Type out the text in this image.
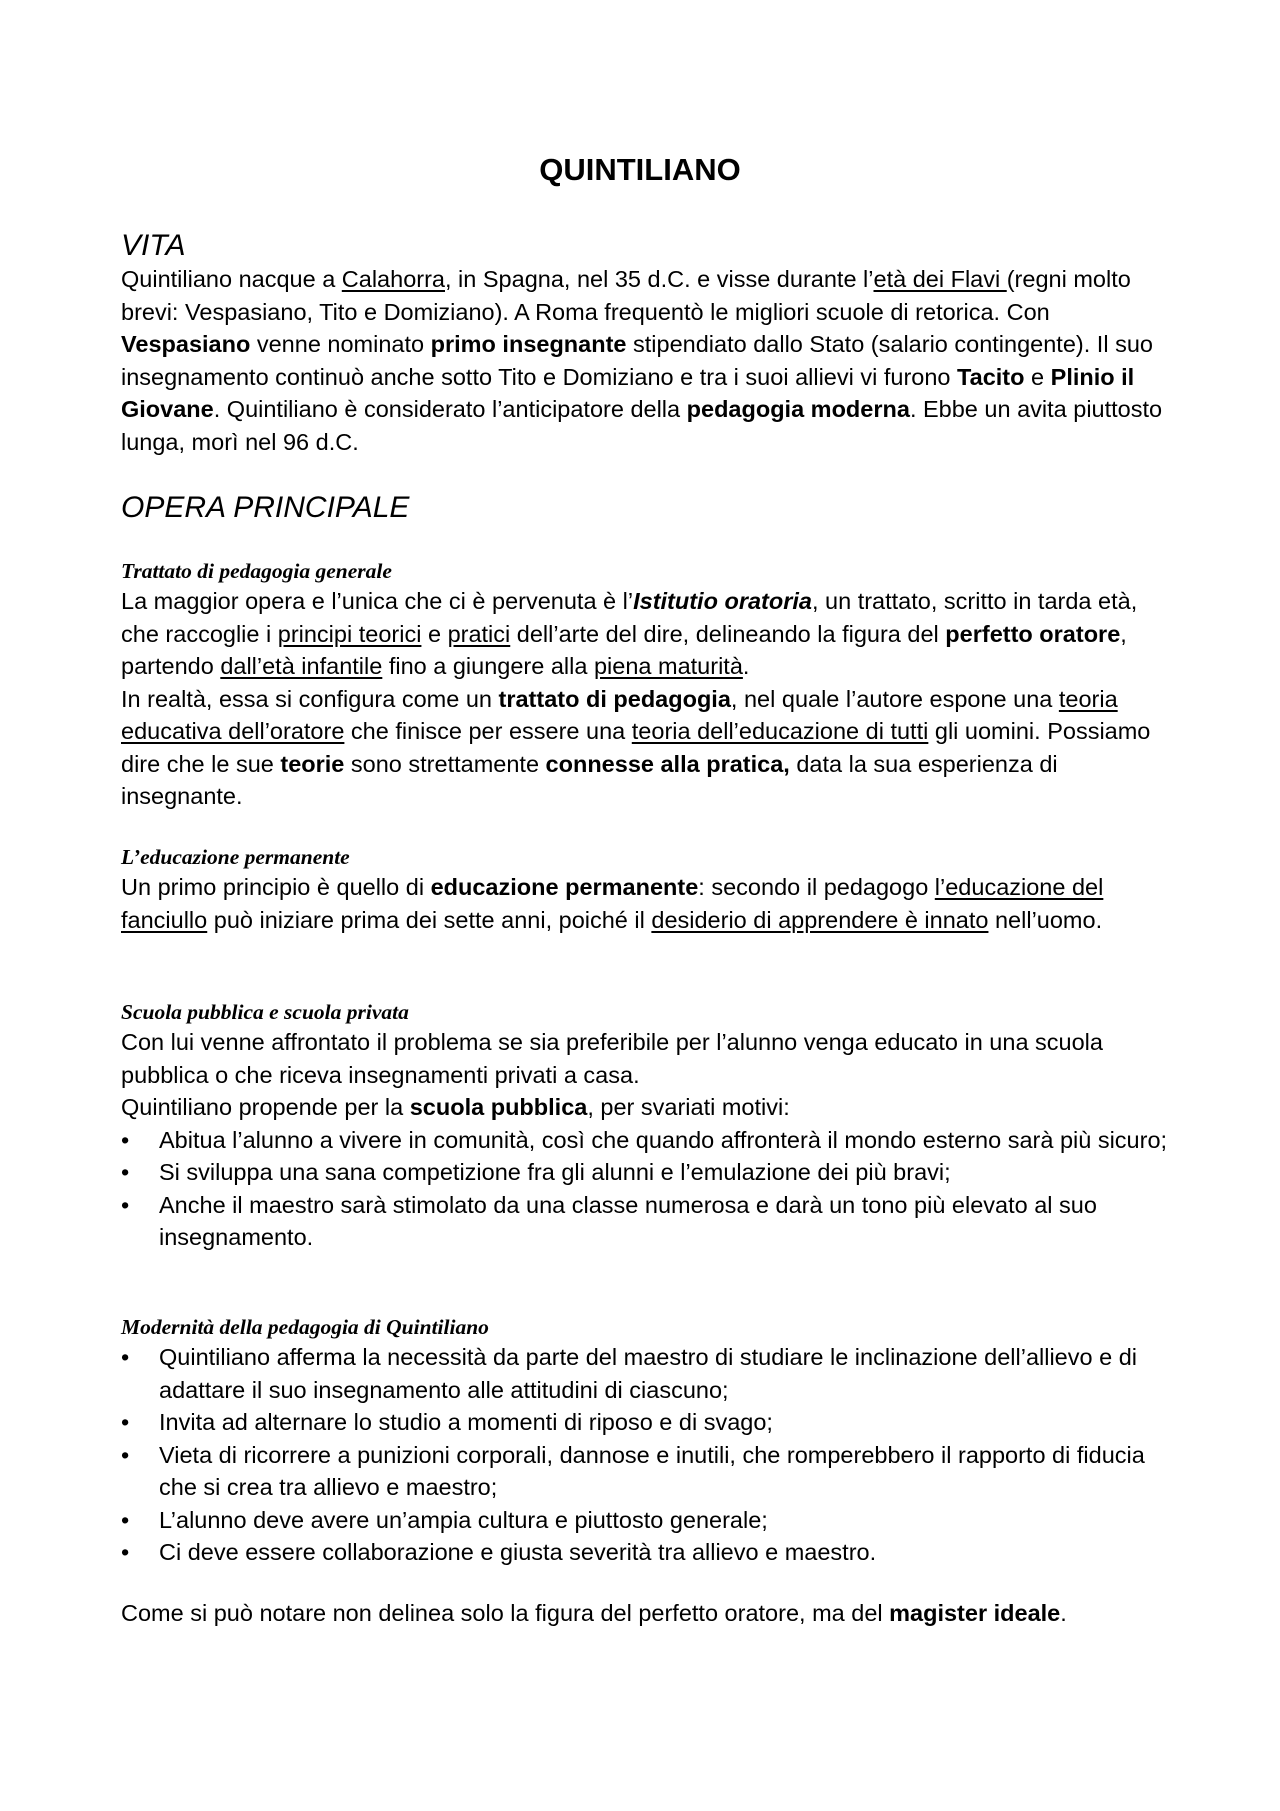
QUINTILIANO
VITA

Quintiliano nacque a Calahorra, in Spagna, nel 35 d.C. e visse durante l’età dei Flavi (regni molto brevi: Vespasiano, Tito e Domiziano). A Roma frequentò le migliori scuole di retorica. Con Vespasiano venne nominato primo insegnante stipendiato dallo Stato (salario contingente). Il suo insegnamento continuò anche sotto Tito e Domiziano e tra i suoi allievi vi furono Tacito e Plinio il Giovane. Quintiliano è considerato l’anticipatore della pedagogia moderna. Ebbe un avita piuttosto lunga, morì nel 96 d.C.

OPERA PRINCIPALE

Trattato di pedagogia generale

La maggior opera e l’unica che ci è pervenuta è l’Istitutio oratoria, un trattato, scritto in tarda età, che raccoglie i principi teorici e pratici dell’arte del dire, delineando la figura del perfetto oratore, partendo dall’età infantile fino a giungere alla piena maturità.

In realtà, essa si configura come un trattato di pedagogia, nel quale l’autore espone una teoria educativa dell’oratore che finisce per essere una teoria dell’educazione di tutti gli uomini. Possiamo dire che le sue teorie sono strettamente connesse alla pratica, data la sua esperienza di insegnante.

L’educazione permanente

Un primo principio è quello di educazione permanente: secondo il pedagogo l’educazione del fanciullo può iniziare prima dei sette anni, poiché il desiderio di apprendere è innato nell’uomo.

Scuola pubblica e scuola privata

Con lui venne affrontato il problema se sia preferibile per l’alunno venga educato in una scuola pubblica o che riceva insegnamenti privati a casa.

Quintiliano propende per la scuola pubblica, per svariati motivi:

• Abitua l’alunno a vivere in comunità, così che quando affronterà il mondo esterno sarà più sicuro;
• Si sviluppa una sana competizione fra gli alunni e l’emulazione dei più bravi;
• Anche il maestro sarà stimolato da una classe numerosa e darà un tono più elevato al suo insegnamento.

Modernità della pedagogia di Quintiliano

• Quintiliano afferma la necessità da parte del maestro di studiare le inclinazione dell’allievo e di adattare il suo insegnamento alle attitudini di ciascuno;
• Invita ad alternare lo studio a momenti di riposo e di svago;
• Vieta di ricorrere a punizioni corporali, dannose e inutili, che romperebbero il rapporto di fiducia che si crea tra allievo e maestro;
• L’alunno deve avere un’ampia cultura e piuttosto generale;
• Ci deve essere collaborazione e giusta severità tra allievo e maestro.

Come si può notare non delinea solo la figura del perfetto oratore, ma del magister ideale.
